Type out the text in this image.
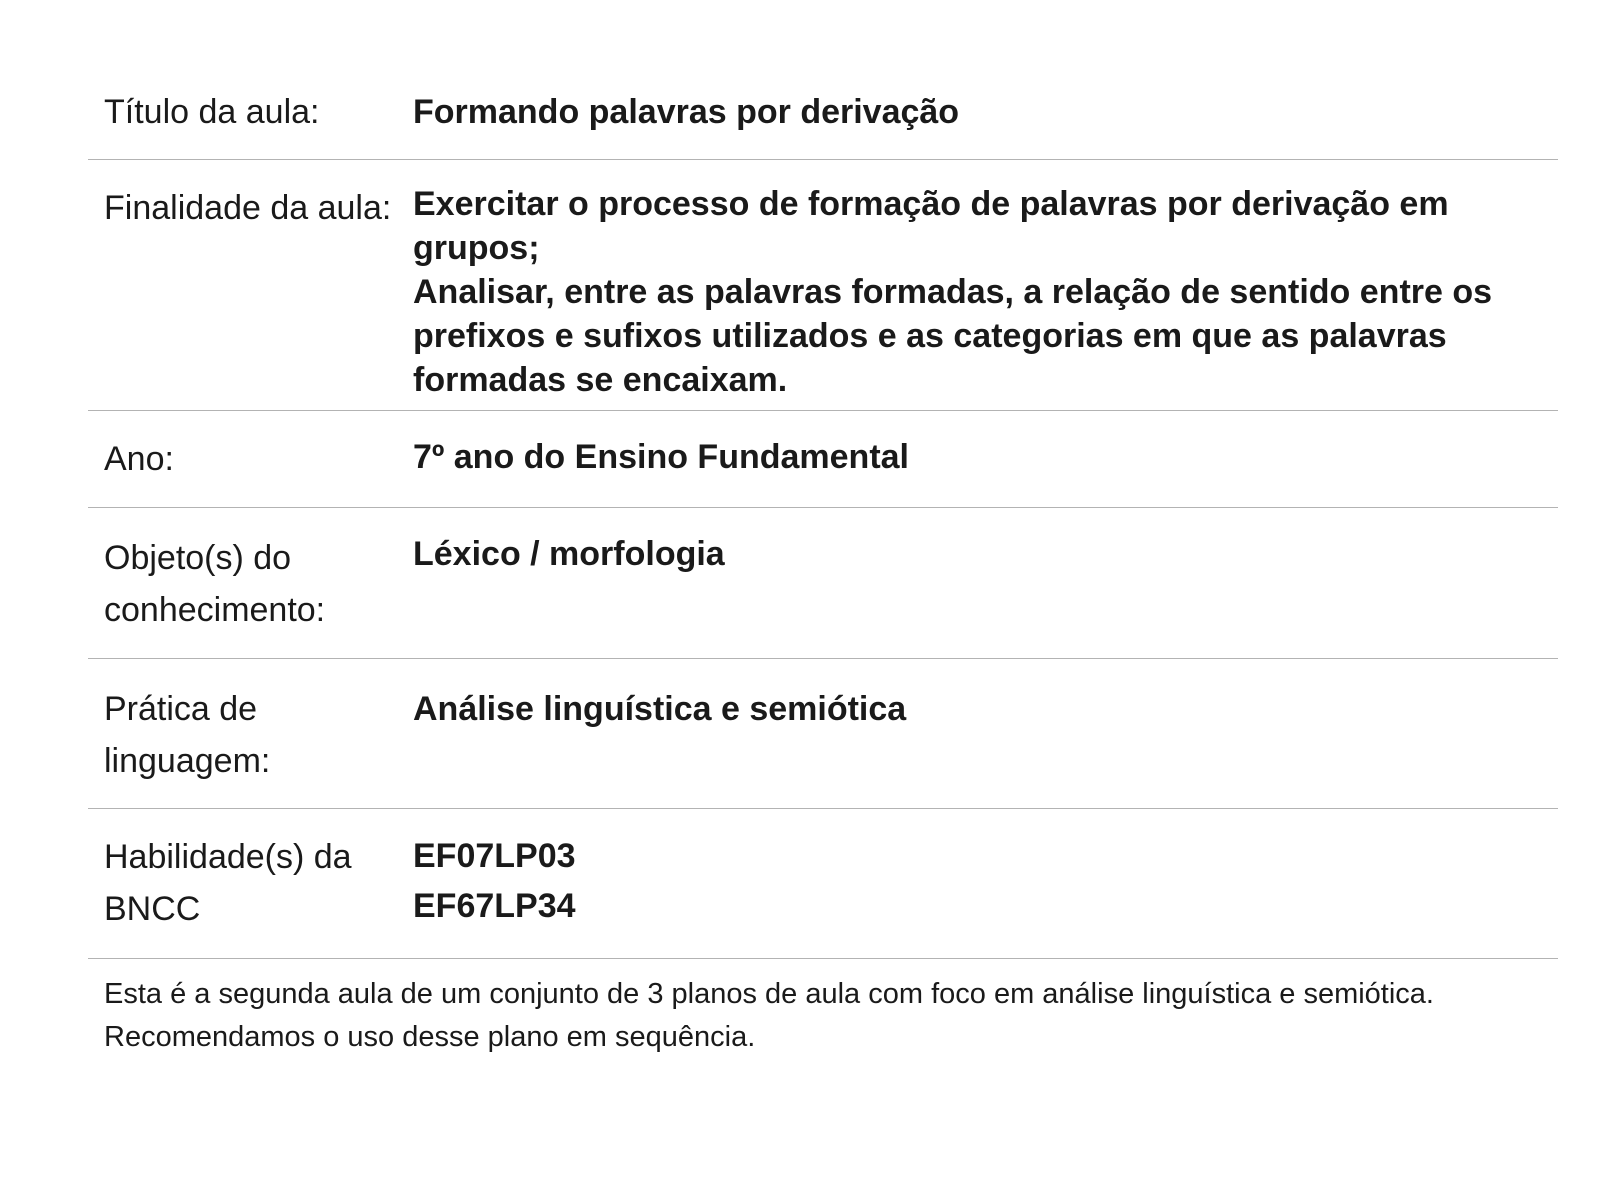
Título da aula:	Formando palavras por derivação
Finalidade da aula: Exercitar o processo de formação de palavras por derivação em grupos;
Analisar, entre as palavras formadas, a relação de sentido entre os prefixos e sufixos utilizados e as categorias em que as palavras formadas se encaixam.
Ano:	7º ano do Ensino Fundamental
Objeto(s) do conhecimento:
Léxico / morfologia
Prática de linguagem:
Análise linguística e semiótica
Habilidade(s) da BNCC
EF07LP03
EF67LP34
Esta é a segunda aula de um conjunto de 3 planos de aula com foco em análise linguística e semiótica. Recomendamos o uso desse plano em sequência.
